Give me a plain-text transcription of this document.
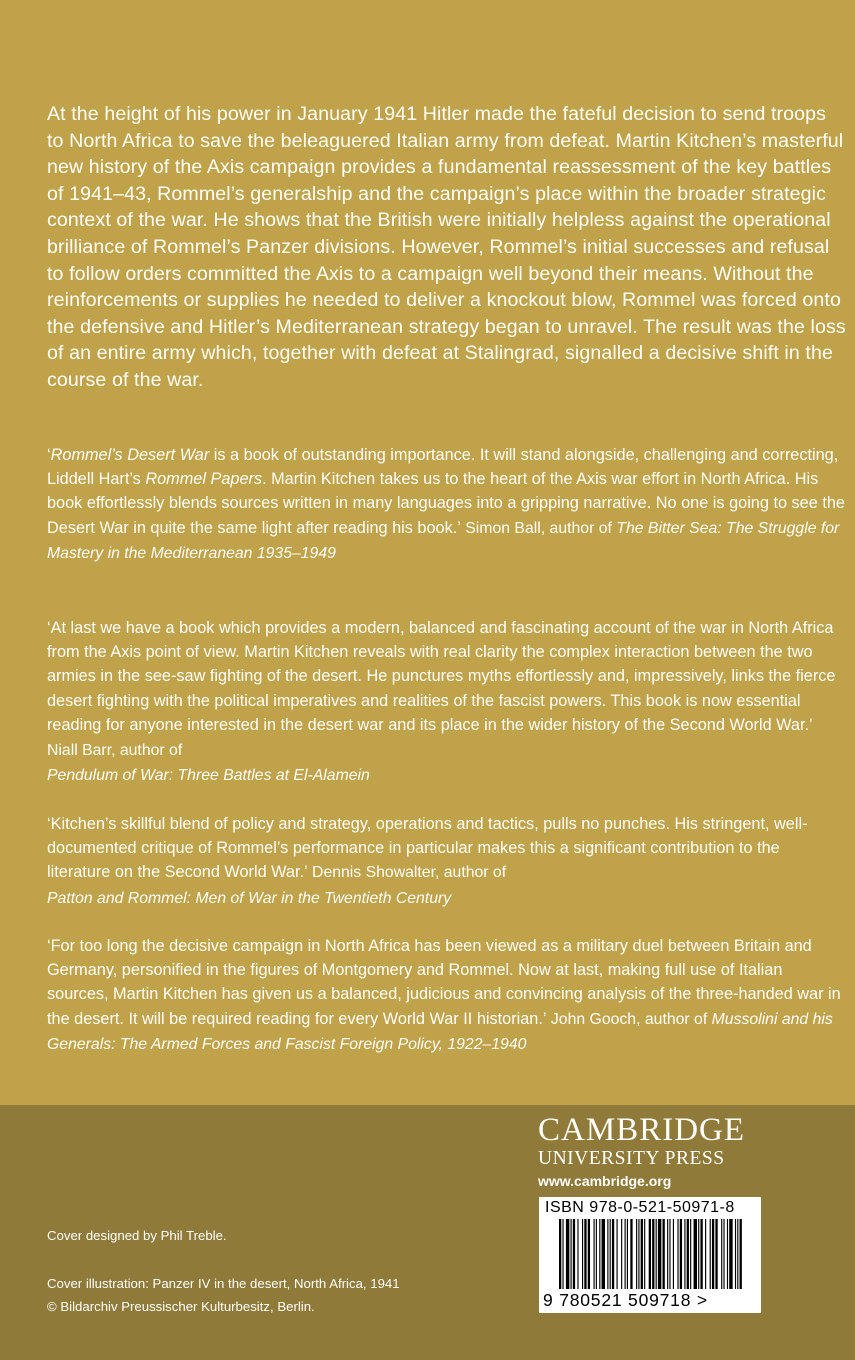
At the height of his power in January 1941 Hitler made the fateful decision to send troops to North Africa to save the beleaguered Italian army from defeat. Martin Kitchen’s masterful new history of the Axis campaign provides a fundamental reassessment of the key battles of 1941–43, Rommel’s generalship and the campaign’s place within the broader strategic context of the war. He shows that the British were initially helpless against the operational brilliance of Rommel’s Panzer divisions. However, Rommel’s initial successes and refusal to follow orders committed the Axis to a campaign well beyond their means. Without the reinforcements or supplies he needed to deliver a knockout blow, Rommel was forced onto the defensive and Hitler’s Mediterranean strategy began to unravel. The result was the loss of an entire army which, together with defeat at Stalingrad, signalled a decisive shift in the course of the war.

‘Rommel’s Desert War is a book of outstanding importance. It will stand alongside, challenging and correcting, Liddell Hart’s Rommel Papers. Martin Kitchen takes us to the heart of the Axis war effort in North Africa. His book effortlessly blends sources written in many languages into a gripping narrative. No one is going to see the Desert War in quite the same light after reading his book.’ Simon Ball, author of The Bitter Sea: The Struggle for Mastery in the Mediterranean 1935–1949

‘At last we have a book which provides a modern, balanced and fascinating account of the war in North Africa from the Axis point of view. Martin Kitchen reveals with real clarity the complex interaction between the two armies in the see-saw fighting of the desert. He punctures myths effortlessly and, impressively, links the fierce desert fighting with the political imperatives and realities of the fascist powers. This book is now essential reading for anyone interested in the desert war and its place in the wider history of the Second World War.’ Niall Barr, author of
Pendulum of War: Three Battles at El-Alamein

‘Kitchen’s skillful blend of policy and strategy, operations and tactics, pulls no punches. His stringent, well-documented critique of Rommel’s performance in particular makes this a significant contribution to the literature on the Second World War.’ Dennis Showalter, author of
Patton and Rommel: Men of War in the Twentieth Century

‘For too long the decisive campaign in North Africa has been viewed as a military duel between Britain and Germany, personified in the figures of Montgomery and Rommel. Now at last, making full use of Italian sources, Martin Kitchen has given us a balanced, judicious and convincing analysis of the three-handed war in the desert. It will be required reading for every World War II historian.’ John Gooch, author of Mussolini and his Generals: The Armed Forces and Fascist Foreign Policy, 1922–1940

Cover designed by Phil Treble.
Cover illustration: Panzer IV in the desert, North Africa, 1941
© Bildarchiv Preussischer Kulturbesitz, Berlin.
CAMBRIDGE
UNIVERSITY PRESS
www.cambridge.org
ISBN 978-0-521-50971-8
9 780521 509718 >
